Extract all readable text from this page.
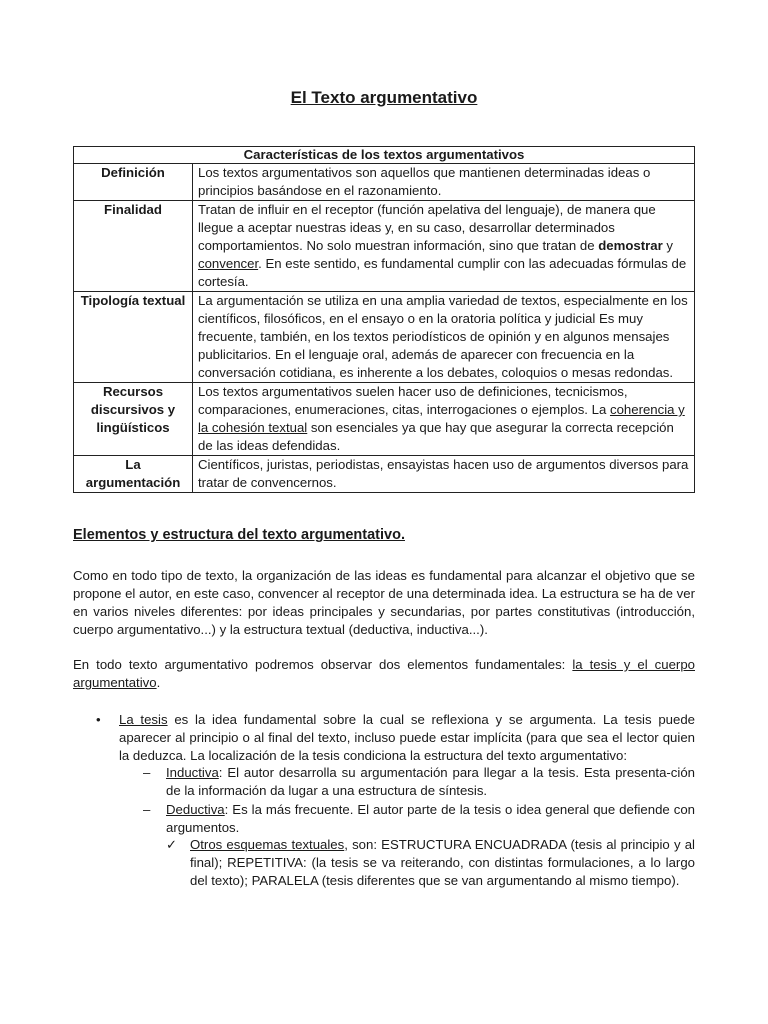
El Texto argumentativo
Características de los textos argumentativos	
Definición	Los textos argumentativos son aquellos que mantienen determinadas ideas o principios basándose en el razonamiento.
Finalidad	Tratan de influir en el receptor (función apelativa del lenguaje), de manera que llegue a aceptar nuestras ideas y, en su caso, desarrollar determinados comportamientos. No solo muestran información, sino que tratan de demostrar y convencer. En este sentido, es fundamental cumplir con las adecuadas fórmulas de cortesía.
Tipología textual	La argumentación se utiliza en una amplia variedad de textos, especialmente en los científicos, filosóficos, en el ensayo o en la oratoria política y judicial Es muy frecuente, también, en los textos periodísticos de opinión y en algunos mensajes publicitarios. En el lenguaje oral, además de aparecer con frecuencia en la conversación cotidiana, es inherente a los debates, coloquios o mesas redondas.
Recursos discursivos y lingüísticos	Los textos argumentativos suelen hacer uso de definiciones, tecnicismos, comparaciones, enumeraciones, citas, interrogaciones o ejemplos. La coherencia y la cohesión textual son esenciales ya que hay que asegurar la correcta recepción de las ideas defendidas.
La argumentación	Científicos, juristas, periodistas, ensayistas hacen uso de argumentos diversos para tratar de convencernos.
Elementos y estructura del texto argumentativo.

Como en todo tipo de texto, la organización de las ideas es fundamental para alcanzar el objetivo que se propone el autor, en este caso, convencer al receptor de una determinada idea. La estructura se ha de ver en varios niveles diferentes: por ideas principales y secundarias, por partes constitutivas (introducción, cuerpo argumentativo...) y la estructura textual (deductiva, inductiva...).

En todo texto argumentativo podremos observar dos elementos fundamentales: la tesis y el cuerpo argumentativo.

• La tesis es la idea fundamental sobre la cual se reflexiona y se argumenta. La tesis puede aparecer al principio o al final del texto, incluso puede estar implícita (para que sea el lector quien la deduzca. La localización de la tesis condiciona la estructura del texto argumentativo:
– Inductiva: El autor desarrolla su argumentación para llegar a la tesis. Esta presenta-ción de la información da lugar a una estructura de síntesis.
– Deductiva: Es la más frecuente. El autor parte de la tesis o idea general que defiende con argumentos.
✓ Otros esquemas textuales, son: ESTRUCTURA ENCUADRADA (tesis al principio y al final); REPETITIVA: (la tesis se va reiterando, con distintas formulaciones, a lo largo del texto); PARALELA (tesis diferentes que se van argumentando al mismo tiempo).
